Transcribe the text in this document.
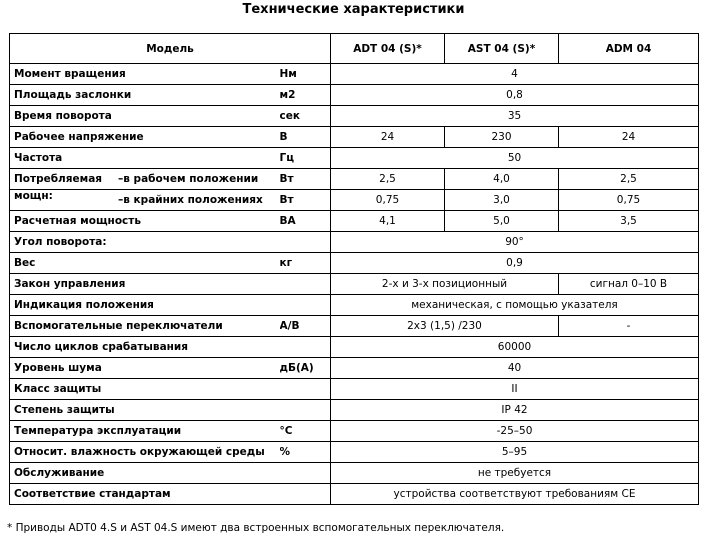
Технические характеристики
Модель		ADT 04 (S)*	AST 04 (S)*	ADM 04
Момент вращения	Нм	4		
Площадь заслонки	м2	0,8		
Время поворота	сек	35		
Рабочее напряжение	В	24	230	24
Частота	Гц	50		

Потребляемая –в рабочем положении	Вт	2,5	4,0	2,5

мощн: –в крайних положениях	Вт	0,75	3,0	0,75
Расчетная мощность	ВА	4,1	5,0	3,5
Угол поворота:		90°		
Вес	кг	0,9		
Закон управления		2-х и 3-х позиционный		сигнал 0–10 В
Индикация положения		механическая, с помощью указателя		
Вспомогательные переключатели	A/B	2x3 (1,5) /230		-
Число циклов срабатывания		60000		
Уровень шума	дБ(А)	40		
Класс защиты		II		
Степень защиты		IP 42		
Температура эксплуатации	°C	-25–50		
Относит. влажность окружающей среды	%	5–95		
Обслуживание		не требуется		
Соответствие стандартам		устройства соответствуют требованиям СЕ		
* Приводы ADT0 4.S и AST 04.S имеют два встроенных вспомогательных переключателя.
